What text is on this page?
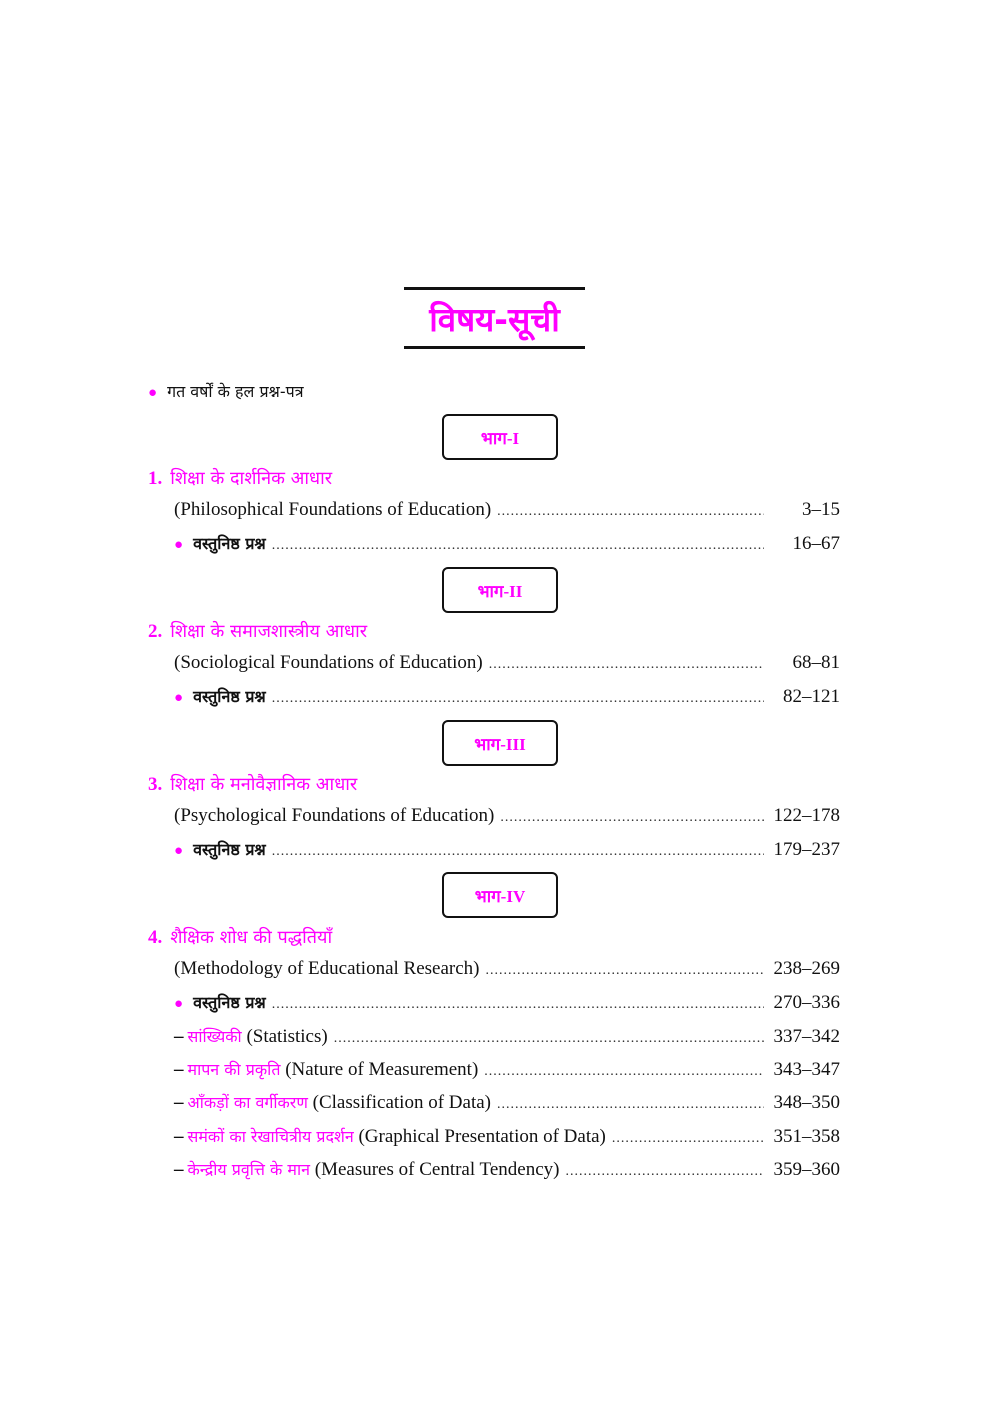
विषय-सूची
● गत वर्षों के हल प्रश्न-पत्र
भाग-I
1. शिक्षा के दार्शनिक आधार
(Philosophical Foundations of Education) .....	3–15
● वस्तुनिष्ठ प्रश्न .....	16–67
भाग-II
2. शिक्षा के समाजशास्त्रीय आधार
(Sociological Foundations of Education) .....	68–81
● वस्तुनिष्ठ प्रश्न .....	82–121
भाग-III
3. शिक्षा के मनोवैज्ञानिक आधार
(Psychological Foundations of Education) .....	122–178
● वस्तुनिष्ठ प्रश्न .....	179–237
भाग-IV
4. शैक्षिक शोध की पद्धतियाँ
(Methodology of Educational Research) .....	238–269
● वस्तुनिष्ठ प्रश्न .....	270–336
– सांख्यिकी (Statistics) .....	337–342
– मापन की प्रकृति (Nature of Measurement) .....	343–347
– आँकड़ों का वर्गीकरण (Classification of Data) .....	348–350
– समंकों का रेखाचित्रीय प्रदर्शन (Graphical Presentation of Data) .....	351–358
– केन्द्रीय प्रवृत्ति के मान (Measures of Central Tendency) .....	359–360
